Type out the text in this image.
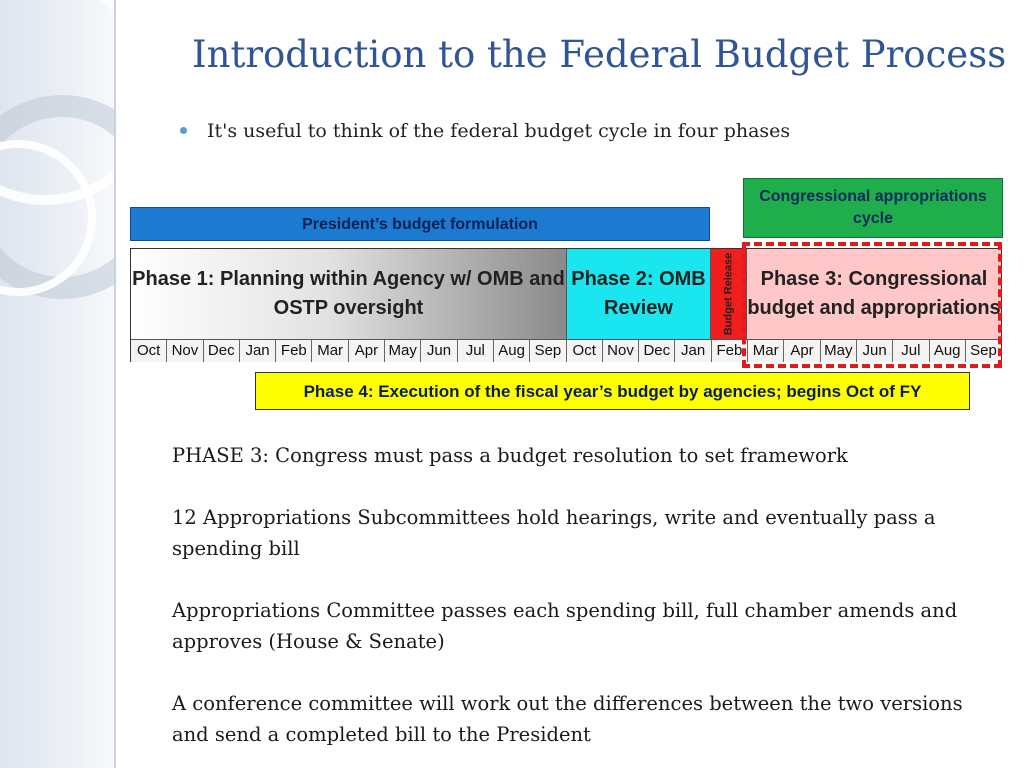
Introduction to the Federal Budget Process
It's useful to think of the federal budget cycle in four phases
President’s budget formulation
Congressional appropriations cycle
Phase 1: Planning within Agency w/ OMB and OSTP oversight
Phase 2: OMB Review	Budget Release	Phase 3: Congressional budget and appropriations
Oct Nov Dec Jan Feb Mar Apr May Jun Jul Aug Sep Oct Nov Dec Jan Feb Mar Apr May Jun Jul Aug Sep
Phase 4: Execution of the fiscal year’s budget by agencies; begins Oct of FY

PHASE 3: Congress must pass a budget resolution to set framework

12 Appropriations Subcommittees hold hearings, write and eventually pass a spending bill

Appropriations Committee passes each spending bill, full chamber amends and approves (House & Senate)

A conference committee will work out the differences between the two versions and send a completed bill to the President
